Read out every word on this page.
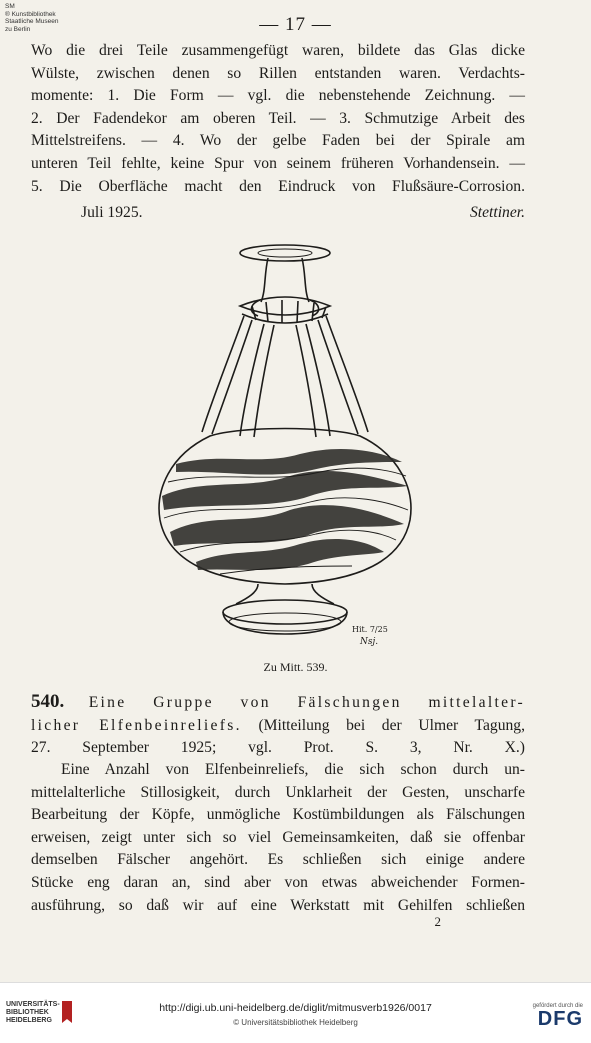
SM
® Kunstbibliothek
Staatliche Museen
zu Berlin	— 17 —

Wo die drei Teile zusammengefügt waren, bildete das Glas dicke
Wülste, zwischen denen so Rillen entstanden waren. Verdachts-
momente: 1. Die Form — vgl. die nebenstehende Zeichnung. —
2. Der Fadendekor am oberen Teil. — 3. Schmutzige Arbeit des
Mittelstreifens. — 4. Wo der gelbe Faden bei der Spirale am
unteren Teil fehlte, keine Spur von seinem früheren Vorhandensein. —
5. Die Oberfläche macht den Eindruck von Flußsäure-Corrosion.

Juli 1925.	Stettiner.
Hit. 7/25
Nsj.
Zu Mitt. 539.

540. Eine Gruppe von Fälschungen mittelalter-
licher Elfenbeinreliefs. (Mitteilung bei der Ulmer Tagung,
27. September 1925; vgl. Prot. S. 3, Nr. X.)

Eine Anzahl von Elfenbeinreliefs, die sich schon durch un-
mittelalterliche Stillosigkeit, durch Unklarheit der Gesten, unscharfe
Bearbeitung der Köpfe, unmögliche Kostümbildungen als Fälschungen
erweisen, zeigt unter sich so viel Gemeinsamkeiten, daß sie offenbar
demselben Fälscher angehört. Es schließen sich einige andere
Stücke eng daran an, sind aber von etwas abweichender Formen-
ausführung, so daß wir auf eine Werkstatt mit Gehilfen schließen

2
UNIVERSITÄTS-
BIBLIOTHEK
HEIDELBERG
http://digi.ub.uni-heidelberg.de/diglit/mitmusverb1926/0017
© Universitätsbibliothek Heidelberg
gefördert durch die
DFG
